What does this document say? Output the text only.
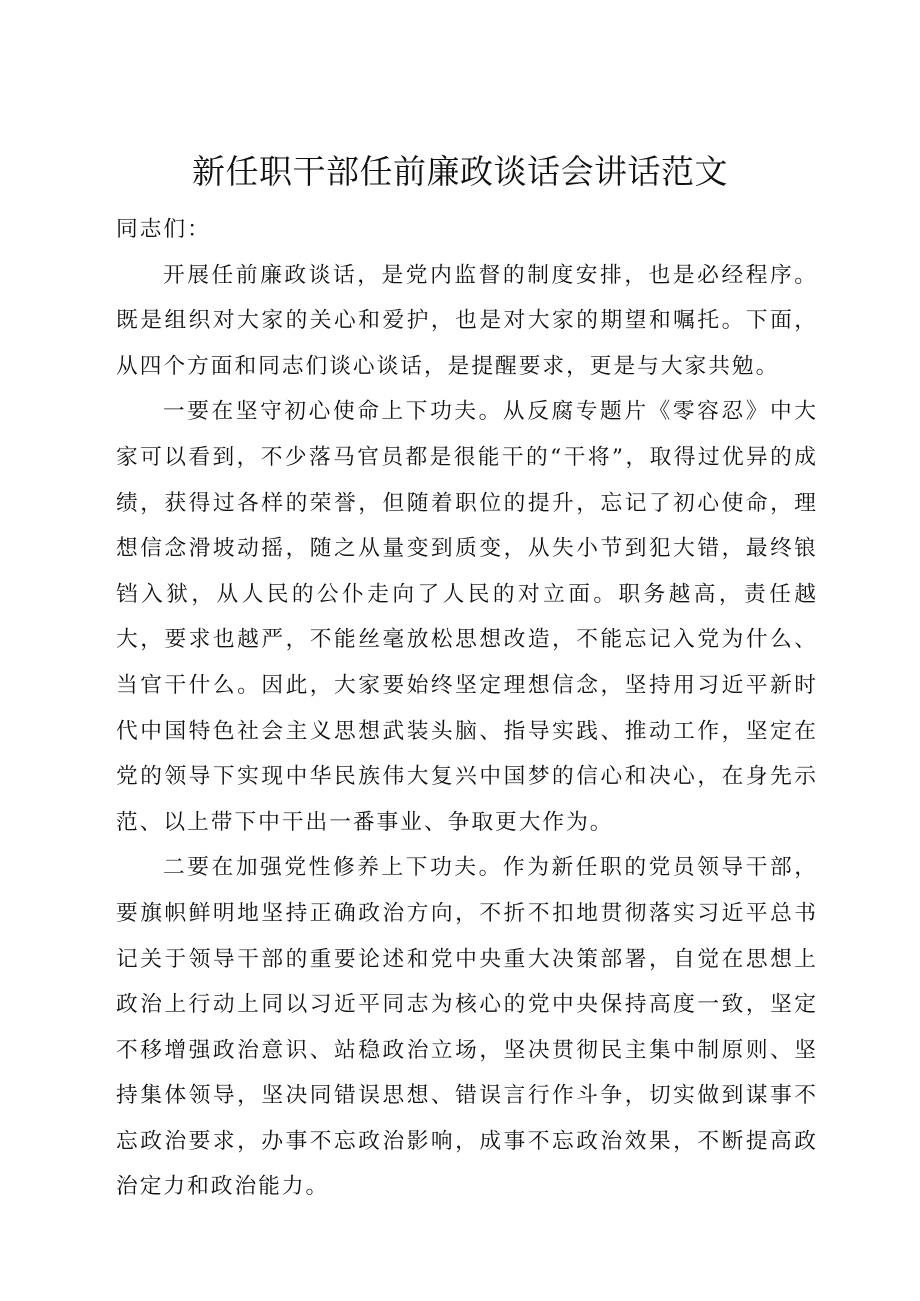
新任职干部任前廉政谈话会讲话范文

同志们：

开展任前廉政谈话，是党内监督的制度安排，也是必经程序。既是组织对大家的关心和爱护，也是对大家的期望和嘱托。下面，从四个方面和同志们谈心谈话，是提醒要求，更是与大家共勉。

一要在坚守初心使命上下功夫。从反腐专题片《零容忍》中大家可以看到，不少落马官员都是很能干的“干将”，取得过优异的成绩，获得过各样的荣誉，但随着职位的提升，忘记了初心使命，理想信念滑坡动摇，随之从量变到质变，从失小节到犯大错，最终锒铛入狱，从人民的公仆走向了人民的对立面。职务越高，责任越大，要求也越严，不能丝毫放松思想改造，不能忘记入党为什么、当官干什么。因此，大家要始终坚定理想信念，坚持用习近平新时代中国特色社会主义思想武装头脑、指导实践、推动工作，坚定在党的领导下实现中华民族伟大复兴中国梦的信心和决心，在身先示范、以上带下中干出一番事业、争取更大作为。

二要在加强党性修养上下功夫。作为新任职的党员领导干部，要旗帜鲜明地坚持正确政治方向，不折不扣地贯彻落实习近平总书记关于领导干部的重要论述和党中央重大决策部署，自觉在思想上政治上行动上同以习近平同志为核心的党中央保持高度一致，坚定不移增强政治意识、站稳政治立场，坚决贯彻民主集中制原则、坚持集体领导，坚决同错误思想、错误言行作斗争，切实做到谋事不忘政治要求，办事不忘政治影响，成事不忘政治效果，不断提高政治定力和政治能力。
